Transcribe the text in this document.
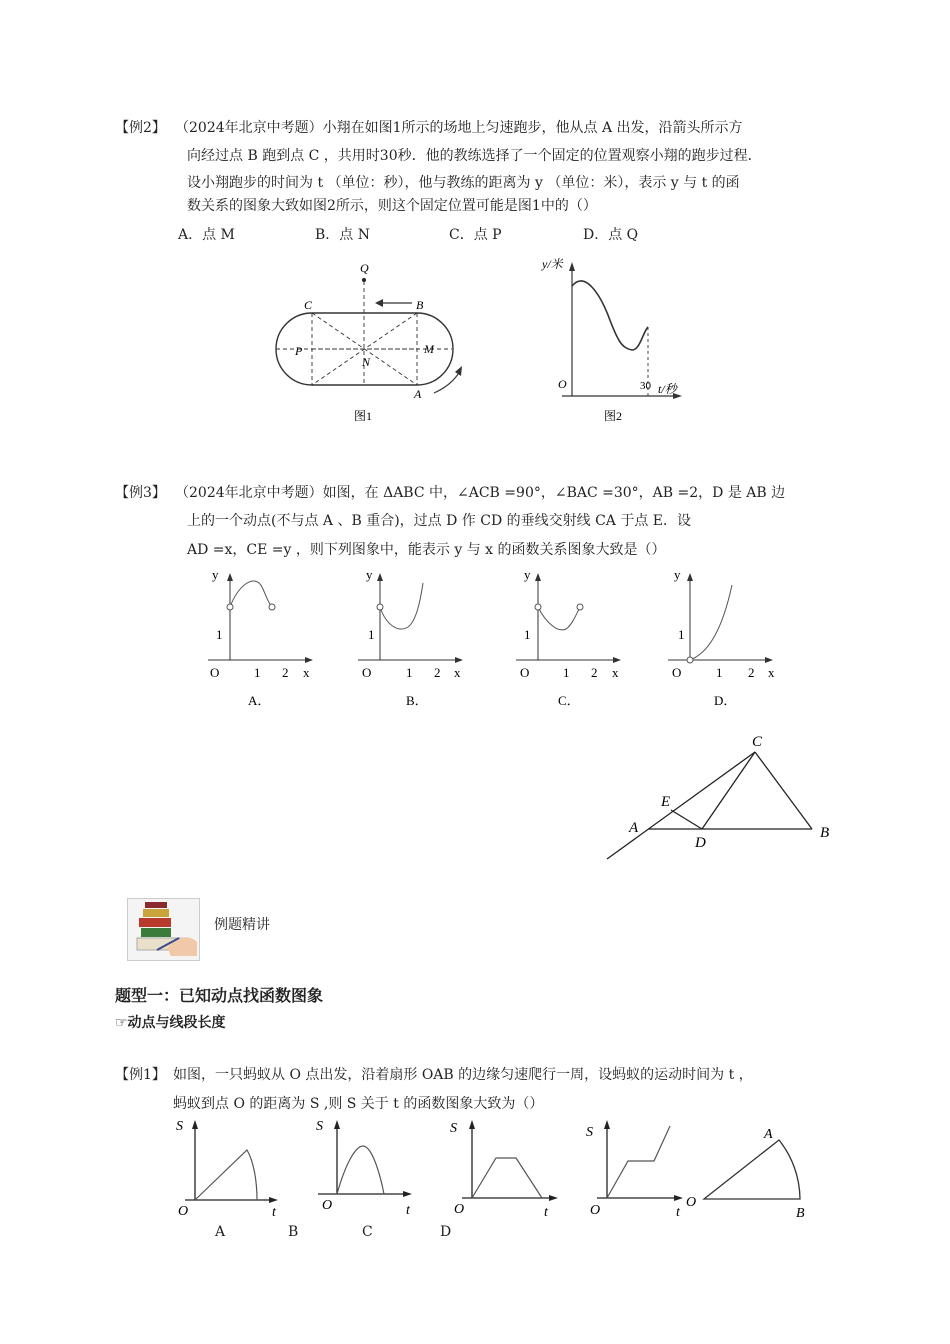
【例2】 （2024年北京中考题）小翔在如图1所示的场地上匀速跑步，他从点 A 出发，沿箭头所示方
向经过点 B 跑到点 C ，共用时30秒．他的教练选择了一个固定的位置观察小翔的跑步过程．
设小翔跑步的时间为 t （单位：秒），他与教练的距离为 y （单位：米），表示 y 与 t 的函
数关系的图象大致如图2所示，则这个固定位置可能是图1中的（）
A．点 M	B．点 N	C．点 P	D．点 Q
Q
C	B
P	M
N
A
图1
y/米
O	30 t/秒
图2
【例3】 （2024年北京中考题）如图，在 ΔABC 中，∠ACB =90°，∠BAC =30°，AB =2，D 是 AB 边
上的一个动点(不与点 A 、B 重合)，过点 D 作 CD 的垂线交射线 CA 于点 E．设
AD =x，CE =y ，则下列图象中，能表示 y 与 x 的函数关系图象大致是（）
y
1
O	1 2 x
A．
y
1
O	1 2 x
B．
y
1
O	1 2 x
C．
y
1
O	1 2 x
D．
C
E
A
D
B
例题精讲
题型一：已知动点找函数图象
☞动点与线段长度
【例1】 如图，一只蚂蚁从 O 点出发，沿着扇形 OAB 的边缘匀速爬行一周，设蚂蚁的运动时间为 t ，
蚂蚁到点 O 的距离为 S ,则 S 关于 t 的函数图象大致为（）
S
O	t
S
O	t
S
O	t
S
O	t
A
O
B
A	B	C	D
